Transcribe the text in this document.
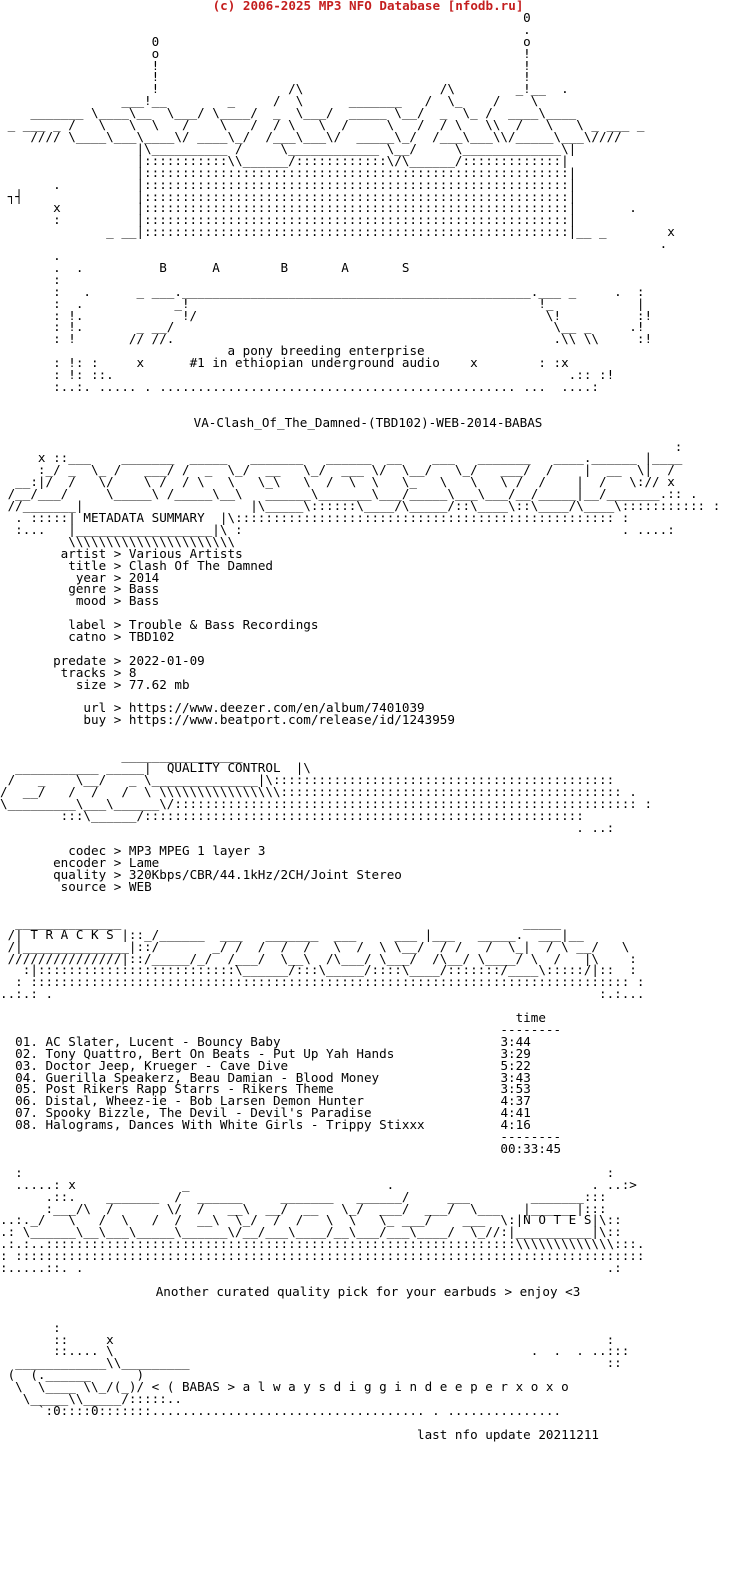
(c) 2006-2025 MP3 NFO Database [nfodb.ru]
0
.
0                                                o
o                                                !
!                                                !
!                                                !
!                 /\                  /\        _!__  .
___!__        _     /  \      _______   /  \_    /    \
_______ \____\__  \___/ \____/  _  \___/  _____ \__/  _  \_ /  ____\____
_ ___ _ /   \   \  \   /    \   /  / \   \  /     \   /  / \   \\  /   \   \ _ ___ _
//// \____\___\____\/ ____\_/  /___\___\/  _____\_/  /___\___\\/_____\___\////
|\__________ /     \____________ \__/     \_____________\|
|:::::::::::\\______/::::::::::::\/\______/:::::::::::::|
|::::::::::::::::::::::::::::::::::::::::::::::::::::::::|
.          |::::::::::::::::::::::::::::::::::::::::::::::::::::::::|
┐┤               |::::::::::::::::::::::::::::::::::::::::::::::::::::::::|
x          |::::::::::::::::::::::::::::::::::::::::::::::::::::::::|       .
:          |::::::::::::::::::::::::::::::::::::::::::::::::::::::::|
_ __|::::::::::::::::::::::::::::::::::::::::::::::::::::::::|__ _        x
.
.
.  .          B      A        B       A       S
:
:   .      _ ___.______________________________________________.___ _     .  :
:  .            _!                                              !_           |
: !.             !/                                              \!          :!
: !.       _ __/                                                  \__ _     .!
: !       // //.                                                  .\\ \\     :!
a pony breeding enterprise
: !: :     x      #1 in ethiopian underground audio    x        : :x
: !: ::.                                                            .:: :!
:..:. ..... . ............................................... ...  ....:

VA-Clash_Of_The_Damned-(TBD102)-WEB-2014-BABAS

:
x ::___    _______  _____   _______   ______  __    ___   _______   ____.______ |____
:_/ _  \_ /   ___/ /  _  \_/  __   \_/  ___ \/  \__/   \_/   ___/  /    |  __  \|  /
__:|/  /   \/    \ /  / \   \   \_\   \  /  \  \   \_   \   \   \ /  /    |  /   \:// x
/__/___/     \_____\ /_____\__\   ______\_______\___/_____\___\___/__/_____|__/_______.:: .
//_______|                      |\_____\::::::\____/\_____/::\____\::\____/\____\::::::::::: :
. :::::| METADATA SUMMARY  |\:::::::::::::::::::::::::::::::::::::::::::::::::: :
:...   |__________________|\ :                                                  . ....:
\\\\\\\\\\\\\\\\\\\\\\

artist > Various Artists
title > Clash Of The Damned
year > 2014
genre > Bass
mood > Bass

label > Trouble & Bass Recordings
catno > TBD102

predate > 2022-01-09
tracks > 8
size > 77.62 mb

url > https://www.deezer.com/en/album/7401039
buy > https://www.beatport.com/release/id/1243959

________________
___________ _____|  QUALITY CONTROL  |\
/   _    \__/   _ \______________|\:::::::::::::::::::::::::::::::::::::::::::::
/  __/   /  /   /  \ \\\\\\\\\\\\\\\\::::::::::::::::::::::::::::::::::::::::::::: .
\_________\___\______\/::::::::::::::::::::::::::::::::::::::::::::::::::::::::::::: :
:::\______/::::::::::::::::::::::::::::::::::::::::::::::::::::::::::
. ..:

codec > MP3 MPEG 1 layer 3
encoder > Lame
quality > 320Kbps/CBR/44.1kHz/2CH/Joint Stereo
source > WEB

______________                                                     _____
/| T R A C K S |::_/______  ___   _______  ___     ___ |___   _____.  ___|__
/|______________|::/       _/ /  /  /  /   \  /  \ \__/  / /   /  \_|  / \ __/   \
///////////////|::/_____/_/  /___/  \__\  /\___/ \___/  /\__/ \____/ \  /   |\    :
:|::::::::::::::::::::::::::\______/:::\_____/::::\____/:::::::/____\:::::/|::  :
: ::::::::::::::::::::::::::::::::::::::::::::::::::::::::::::::::::::::::::::::: :
..:.: .                                                                        :.:...

time
--------
01. AC Slater, Lucent - Bouncy Baby	3:44
02. Tony Quattro, Bert On Beats - Put Up Yah Hands	3:29
03. Doctor Jeep, Krueger - Cave Dive	5:22
04. Guerilla Speakerz, Beau Damian - Blood Money	3:43
05. Post Rikers Rapp Starrs - Rikers Theme	3:53
06. Distal, Wheez-ie - Bob Larsen Demon Hunter	4:37
07. Spooky Bizzle, The Devil - Devil's Paradise	4:41
08. Halograms, Dances With White Girls - Trippy Stixxx	4:16
--------
00:33:45

:                                                                             :
.....: x              _                          .                          . ..:>
.::.    _______  /  ______     _______   ______/     ___        _______:::
:___/\  /       \/  /   __\  __/  __   \_/  ___/  ___/  \___   |______|:::
..:._/   \   /  \   /  /  __\  \_/  /  /   \  \   \_ ___/    ___  \:|N O T E S|\::
.: \______\__\___\_____\______\/__/___\____/__\___/___\____/  \_//:|__________|\::
.:.:..::::::::::::::::::::::::::::::::::::::::::::::::::::::::::::::\\\\\\\\\\\\\:::.
: :::::::::::::::::::::::::::::::::::::::::::::::::::::::::::::::::::::::::::::::::::
:.....::. .                                                                     .:

Another curated quality pick for your earbuds > enjoy <3

:
::     x                                                                 :
::.... \                                                       .  .  . ..:::
____________\\_________                                                       ::
(  (.______      )
\  \____ \\_/(_)/ < ( BABAS > a l w a y s d i g g i n d e e p e r x o x o
\_____\\_____/:::::..
`:0::::0:::::::.................................... . ...............

last nfo update 20211211
